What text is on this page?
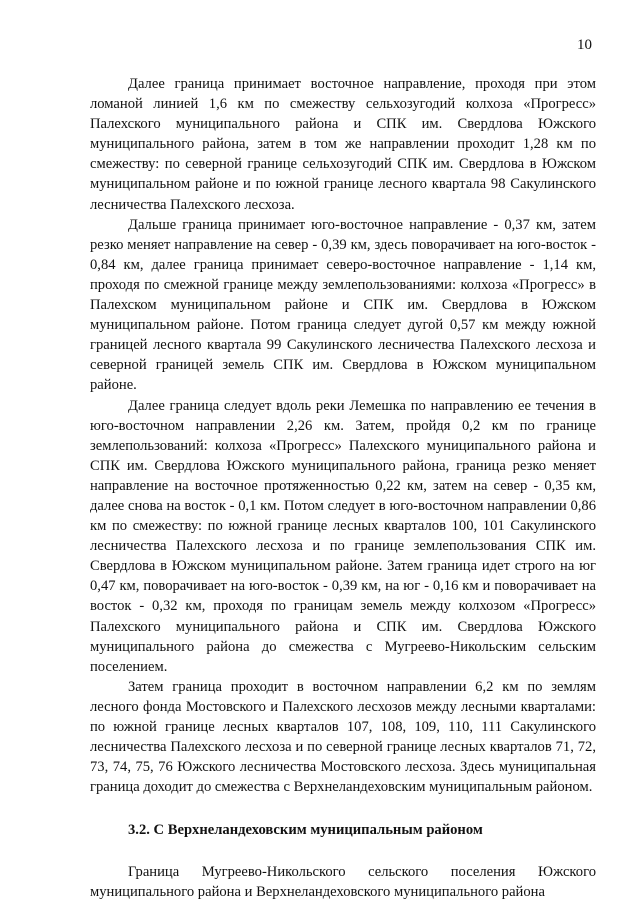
10

Далее граница принимает восточное направление, проходя при этом ломаной линией 1,6 км по смежеству сельхозугодий колхоза «Прогресс» Палехского муниципального района и СПК им. Свердлова Южского муниципального района, затем в том же направлении проходит 1,28 км по смежеству: по северной границе сельхозугодий СПК им. Свердлова в Южском муниципальном районе и по южной границе лесного квартала 98 Сакулинского лесничества Палехского лесхоза.

Дальше граница принимает юго-восточное направление - 0,37 км, затем резко меняет направление на север - 0,39 км, здесь поворачивает на юго-восток - 0,84 км, далее граница принимает северо-восточное направление - 1,14 км, проходя по смежной границе между землепользованиями: колхоза «Прогресс» в Палехском муниципальном районе и СПК им. Свердлова в Южском муниципальном районе. Потом граница следует дугой 0,57 км между южной границей лесного квартала 99 Сакулинского лесничества Палехского лесхоза и северной границей земель СПК им. Свердлова в Южском муниципальном районе.

Далее граница следует вдоль реки Лемешка по направлению ее течения в юго-восточном направлении 2,26 км. Затем, пройдя 0,2 км по границе землепользований: колхоза «Прогресс» Палехского муниципального района и СПК им. Свердлова Южского муниципального района, граница резко меняет направление на восточное протяженностью 0,22 км, затем на север - 0,35 км, далее снова на восток - 0,1 км. Потом следует в юго-восточном направлении 0,86 км по смежеству: по южной границе лесных кварталов 100, 101 Сакулинского лесничества Палехского лесхоза и по границе землепользования СПК им. Свердлова в Южском муниципальном районе. Затем граница идет строго на юг 0,47 км, поворачивает на юго-восток - 0,39 км, на юг - 0,16 км и поворачивает на восток - 0,32 км, проходя по границам земель между колхозом «Прогресс» Палехского муниципального района и СПК им. Свердлова Южского муниципального района до смежества с Мугреево-Никольским сельским поселением.

Затем граница проходит в восточном направлении 6,2 км по землям лесного фонда Мостовского и Палехского лесхозов между лесными кварталами: по южной границе лесных кварталов 107, 108, 109, 110, 111 Сакулинского лесничества Палехского лесхоза и по северной границе лесных кварталов 71, 72, 73, 74, 75, 76 Южского лесничества Мостовского лесхоза. Здесь муниципальная граница доходит до смежества с Верхнеландеховским муниципальным районом.

3.2. С Верхнеландеховским муниципальным районом

Граница Мугреево-Никольского сельского поселения Южского муниципального района и Верхнеландеховского муниципального района
